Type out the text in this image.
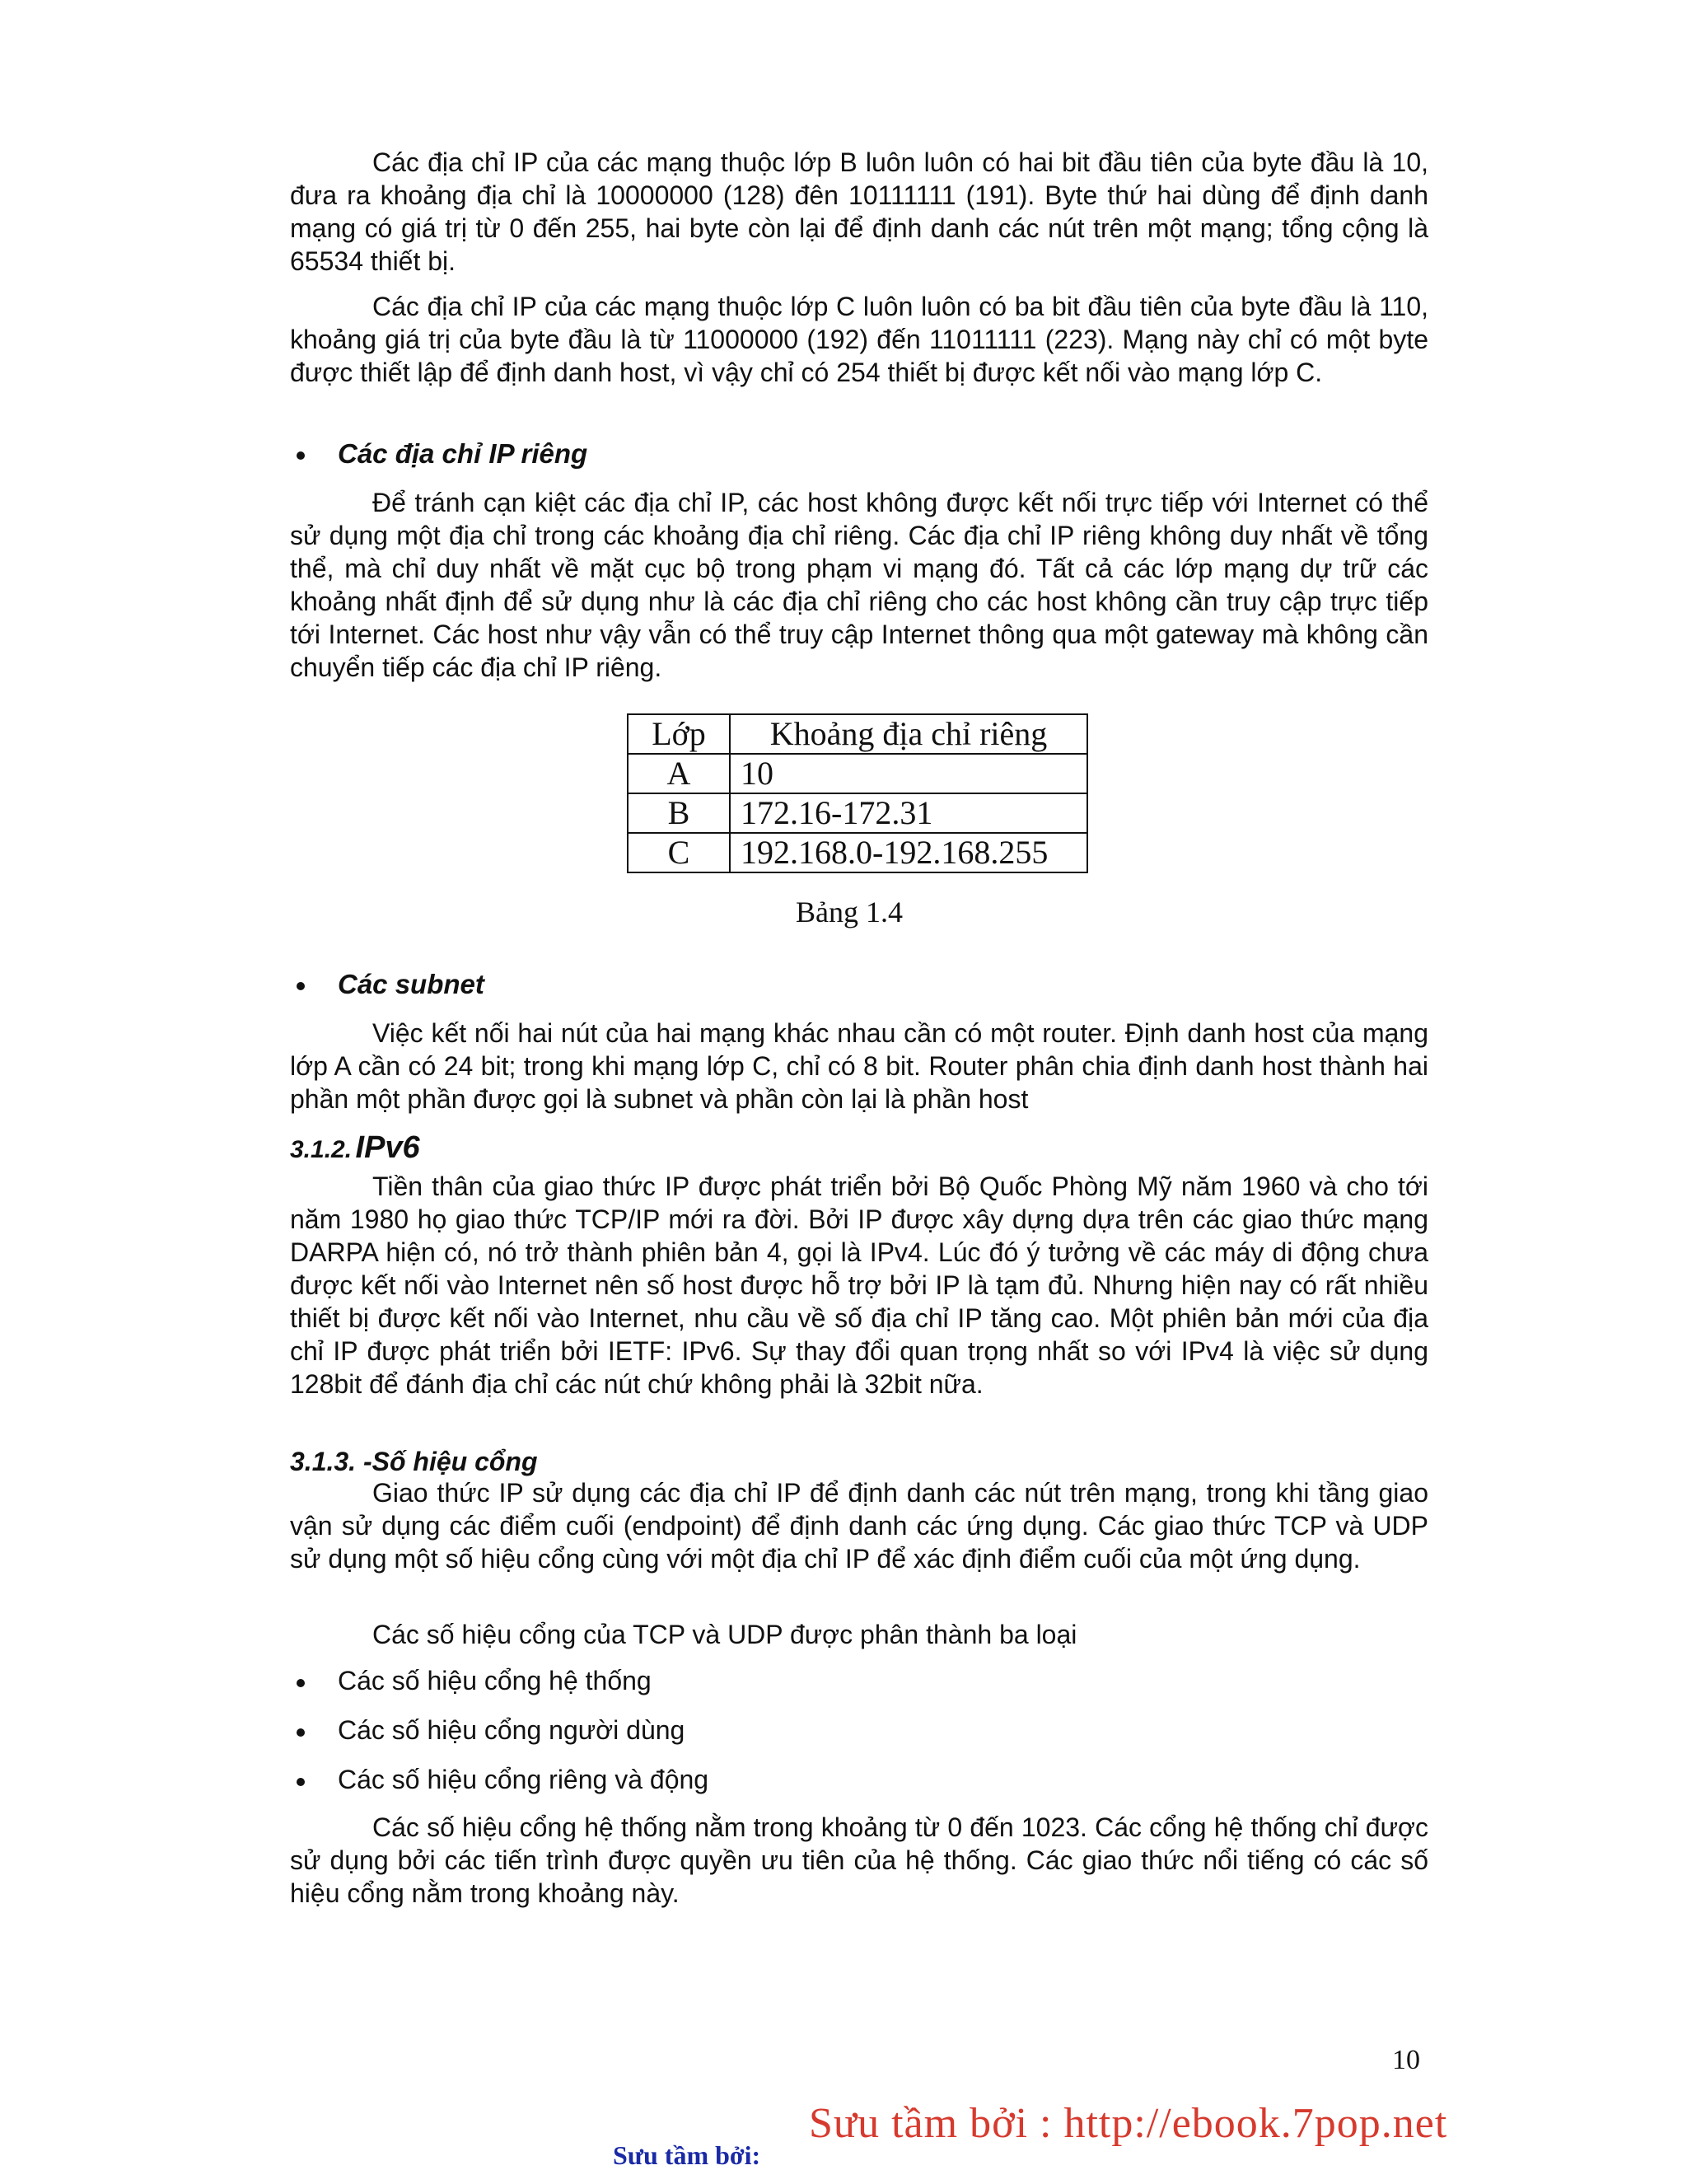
Các địa chỉ IP của các mạng thuộc lớp B luôn luôn có hai bit đầu tiên của byte đầu là 10, đưa ra khoảng địa chỉ là 10000000 (128) đên 10111111 (191). Byte thứ hai dùng để định danh mạng có giá trị từ 0 đến 255, hai byte còn lại để định danh các nút trên một mạng; tổng cộng là 65534 thiết bị.

Các địa chỉ IP của các mạng thuộc lớp C luôn luôn có ba bit đầu tiên của byte đầu là 110, khoảng giá trị của byte đầu là từ 11000000 (192) đến 11011111 (223). Mạng này chỉ có một byte được thiết lập để định danh host, vì vậy chỉ có 254 thiết bị được kết nối vào mạng lớp C.

Các địa chỉ IP riêng

Để tránh cạn kiệt các địa chỉ IP, các host không được kết nối trực tiếp với Internet có thể sử dụng một địa chỉ trong các khoảng địa chỉ riêng. Các địa chỉ IP riêng không duy nhất về tổng thể, mà chỉ duy nhất về mặt cục bộ trong phạm vi mạng đó. Tất cả các lớp mạng dự trữ các khoảng nhất định để sử dụng như là các địa chỉ riêng cho các host không cần truy cập trực tiếp tới Internet. Các host như vậy vẫn có thể truy cập Internet thông qua một gateway mà không cần chuyển tiếp các địa chỉ IP riêng.

Lớp	Khoảng địa chỉ riêng
A	10
B	172.16-172.31
C	192.168.0-192.168.255
Bảng 1.4
Các subnet

Việc kết nối hai nút của hai mạng khác nhau cần có một router. Định danh host của mạng lớp A cần có 24 bit; trong khi mạng lớp C, chỉ có 8 bit. Router phân chia định danh host thành hai phần một phần được gọi là subnet và phần còn lại là phần host

3.1.2. IPv6

Tiền thân của giao thức IP được phát triển bởi Bộ Quốc Phòng Mỹ năm 1960 và cho tới năm 1980 họ giao thức TCP/IP mới ra đời. Bởi IP được xây dựng dựa trên các giao thức mạng DARPA hiện có, nó trở thành phiên bản 4, gọi là IPv4. Lúc đó ý tưởng về các máy di động chưa được kết nối vào Internet nên số host được hỗ trợ bởi IP là tạm đủ. Nhưng hiện nay có rất nhiều thiết bị được kết nối vào Internet, nhu cầu về số địa chỉ IP tăng cao. Một phiên bản mới của địa chỉ IP được phát triển bởi IETF: IPv6. Sự thay đổi quan trọng nhất so với IPv4 là việc sử dụng 128bit để đánh địa chỉ các nút chứ không phải là 32bit nữa.

3.1.3. -Số hiệu cổng

Giao thức IP sử dụng các địa chỉ IP để định danh các nút trên mạng, trong khi tầng giao vận sử dụng các điểm cuối (endpoint) để định danh các ứng dụng. Các giao thức TCP và UDP sử dụng một số hiệu cổng cùng với một địa chỉ IP để xác định điểm cuối của một ứng dụng.

Các số hiệu cổng của TCP và UDP được phân thành ba loại

Các số hiệu cổng hệ thống
Các số hiệu cổng người dùng
Các số hiệu cổng riêng và động

Các số hiệu cổng hệ thống nằm trong khoảng từ 0 đến 1023. Các cổng hệ thống chỉ được sử dụng bởi các tiến trình được quyền ưu tiên của hệ thống. Các giao thức nổi tiếng có các số hiệu cổng nằm trong khoảng này.

10
Sưu tầm bởi : http://ebook.7pop.net
Sưu tầm bởi:
